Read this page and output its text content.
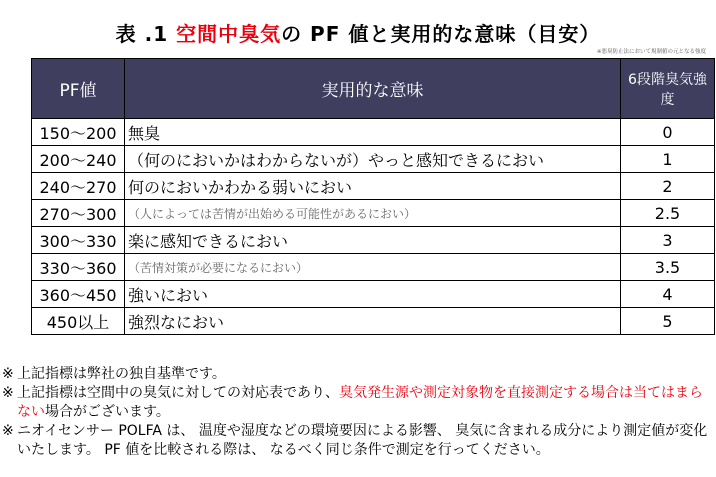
表 .1 空間中臭気の PF 値と実用的な意味（目安）
※悪臭防止法において規制値の元となる強度
PF値	実用的な意味	6段階臭気強度
150〜200	無臭	0
200〜240	（何のにおいかはわからないが）やっと感知できるにおい	1
240〜270	何のにおいかわかる弱いにおい	2
270〜300	（人によっては苦情が出始める可能性があるにおい）	2.5
300〜330	楽に感知できるにおい	3
330〜360	（苦情対策が必要になるにおい）	3.5
360〜450	強いにおい	4
450以上	強烈なにおい	5
※ 上記指標は弊社の独自基準です。
※ 上記指標は空間中の臭気に対しての対応表であり、臭気発生源や測定対象物を直接測定する場合は当てはまらない場合がございます。
※ ニオイセンサー POLFA は、 温度や湿度などの環境要因による影響、 臭気に含まれる成分により測定値が変化いたします。 PF 値を比較される際は、 なるべく同じ条件で測定を行ってください。
